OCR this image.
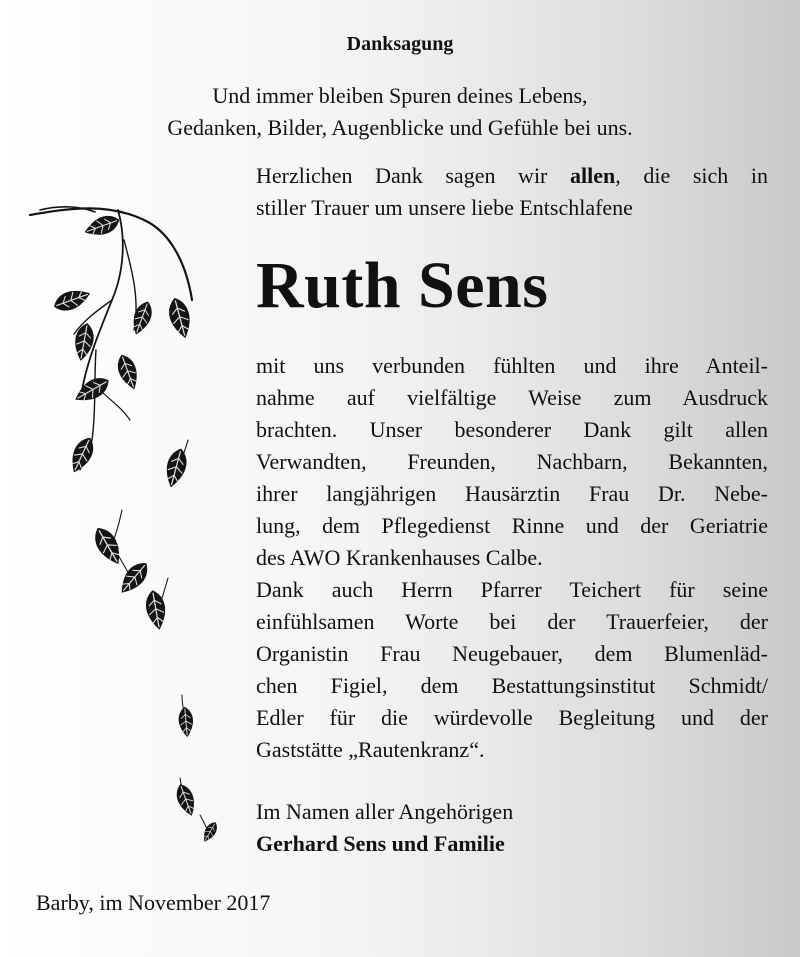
Danksagung
Und immer bleiben Spuren deines Lebens,
Gedanken, Bilder, Augenblicke und Gefühle bei uns.
Herzlichen Dank sagen wir allen, die sich in
stiller Trauer um unsere liebe Entschlafene
Ruth Sens
mit uns verbunden fühlten und ihre Anteil-
nahme auf vielfältige Weise zum Ausdruck
brachten. Unser besonderer Dank gilt allen
Verwandten, Freunden, Nachbarn, Bekannten,
ihrer langjährigen Hausärztin Frau Dr. Nebe-
lung, dem Pflegedienst Rinne und der Geriatrie
des AWO Krankenhauses Calbe.
Dank auch Herrn Pfarrer Teichert für seine
einfühlsamen Worte bei der Trauerfeier, der
Organistin Frau Neugebauer, dem Blumenläd-
chen Figiel, dem Bestattungsinstitut Schmidt/
Edler für die würdevolle Begleitung und der
Gaststätte „Rautenkranz“.
Im Namen aller Angehörigen
Gerhard Sens und Familie
Barby, im November 2017
